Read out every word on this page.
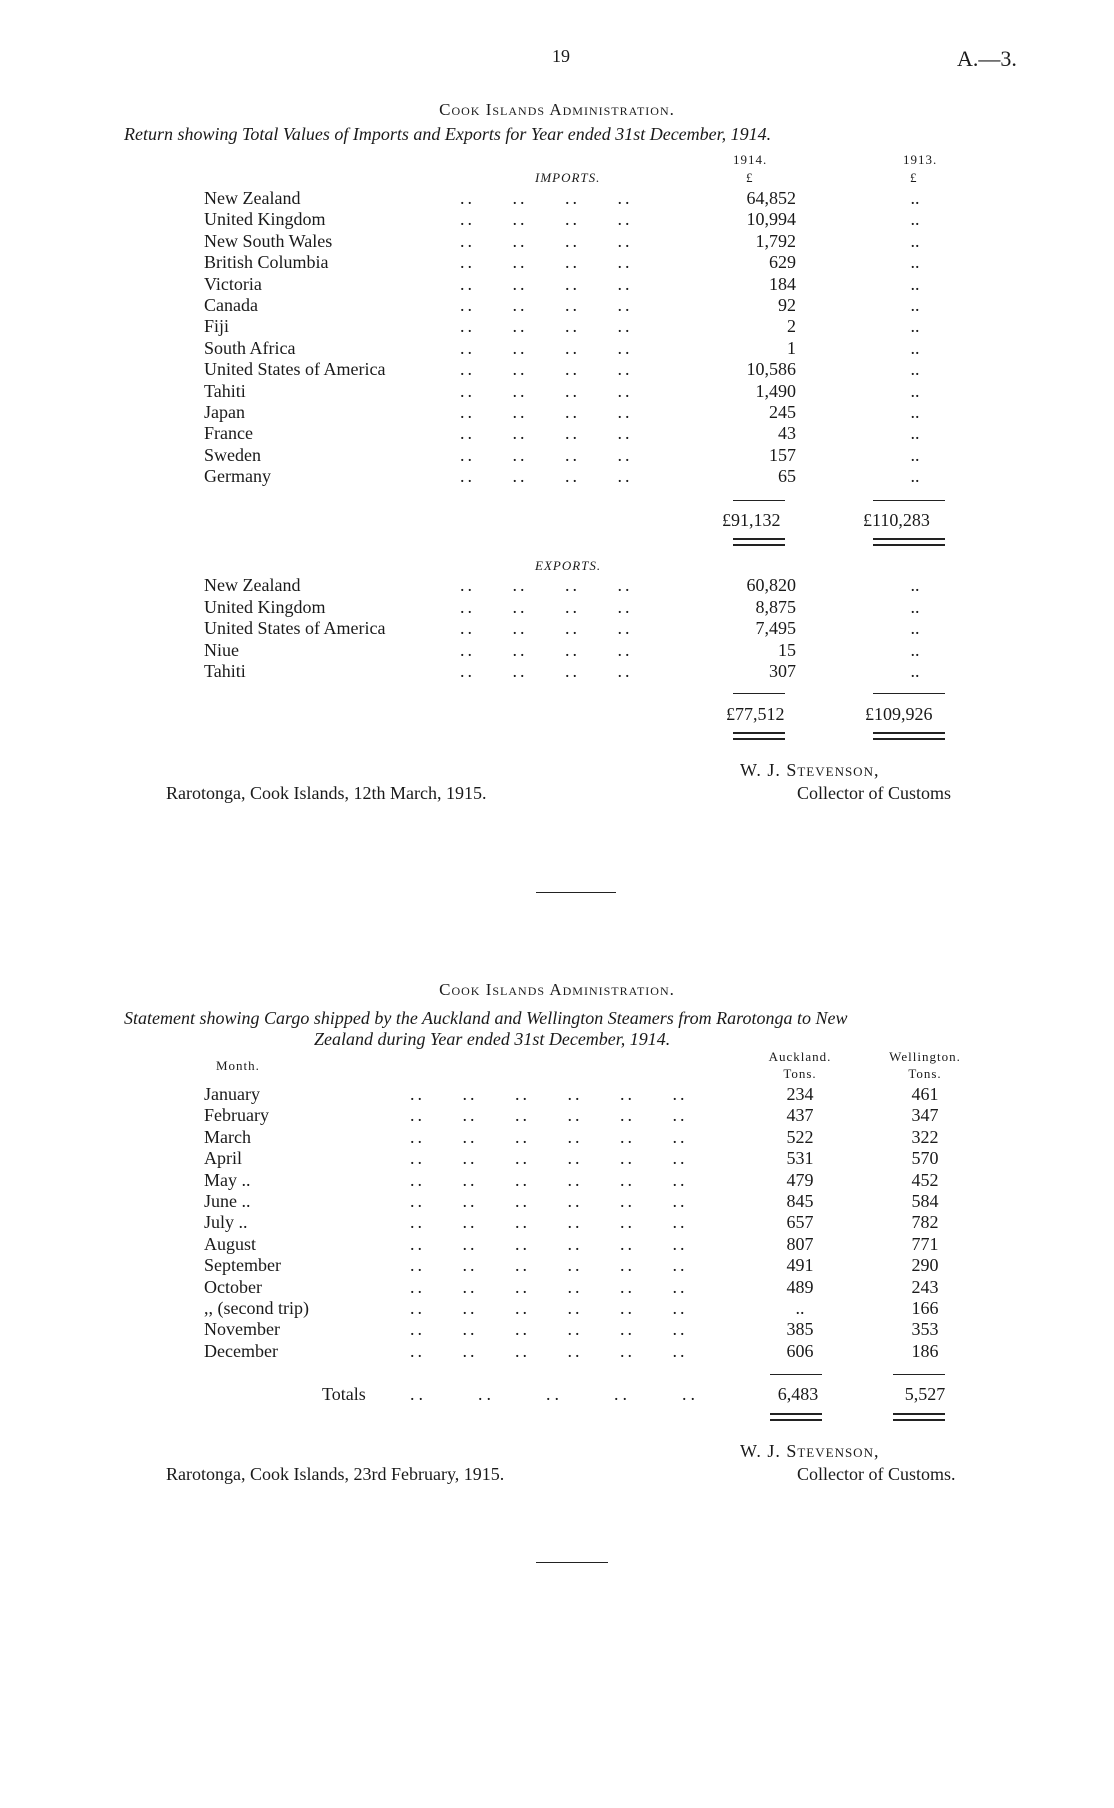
19	A.—3.
Cook Islands Administration.
Return showing Total Values of Imports and Exports for Year ended 31st December, 1914.
1914.	1913.
IMPORTS.	£	£
New Zealand	..     ..     ..     ..	64,852	..
United Kingdom	..     ..     ..     ..	10,994	..
New South Wales	..     ..     ..     ..	1,792	..
British Columbia	..     ..     ..     ..	629	..
Victoria	..     ..     ..     ..	184	..
Canada	..     ..     ..     ..	92	..
Fiji	..     ..     ..     ..	2	..
South Africa	..     ..     ..     ..	1	..
United States of America	..     ..     ..     ..	10,586	..
Tahiti	..     ..     ..     ..	1,490	..
Japan	..     ..     ..     ..	245	..
France	..     ..     ..     ..	43	..
Sweden	..     ..     ..     ..	157	..
Germany	..     ..     ..     ..	65	..
£91,132	£110,283
EXPORTS.
New Zealand	..     ..     ..     ..	60,820	..
United Kingdom	..     ..     ..     ..	8,875	..
United States of America	..     ..     ..     ..	7,495	..
Niue	..     ..     ..     ..	15	..
Tahiti	..     ..     ..     ..	307	..
£77,512	£109,926
W. J. Stevenson,
Rarotonga, Cook Islands, 12th March, 1915.	Collector of Customs
Cook Islands Administration.
Statement showing Cargo shipped by the Auckland and Wellington Steamers from Rarotonga to New
Zealand during Year ended 31st December, 1914.
Month.
Auckland.	Wellington.
Tons.	Tons.
January	..     ..     ..     ..     ..     ..	234	461
February	..     ..     ..     ..     ..     ..	437	347
March	..     ..     ..     ..     ..     ..	522	322
April	..     ..     ..     ..     ..     ..	531	570
May ..	..     ..     ..     ..     ..     ..	479	452
June ..	..     ..     ..     ..     ..     ..	845	584
July ..	..     ..     ..     ..     ..     ..	657	782
August	..     ..     ..     ..     ..     ..	807	771
September	..     ..     ..     ..     ..     ..	491	290
October	..     ..     ..     ..     ..     ..	489	243
,, (second trip)	..     ..     ..     ..     ..     ..	..	166
November	..     ..     ..     ..     ..     ..	385	353
December	..     ..     ..     ..     ..     ..	606	186
Totals ..      ..      ..      ..      ..	6,483	5,527
W. J. Stevenson,
Rarotonga, Cook Islands, 23rd February, 1915.	Collector of Customs.
